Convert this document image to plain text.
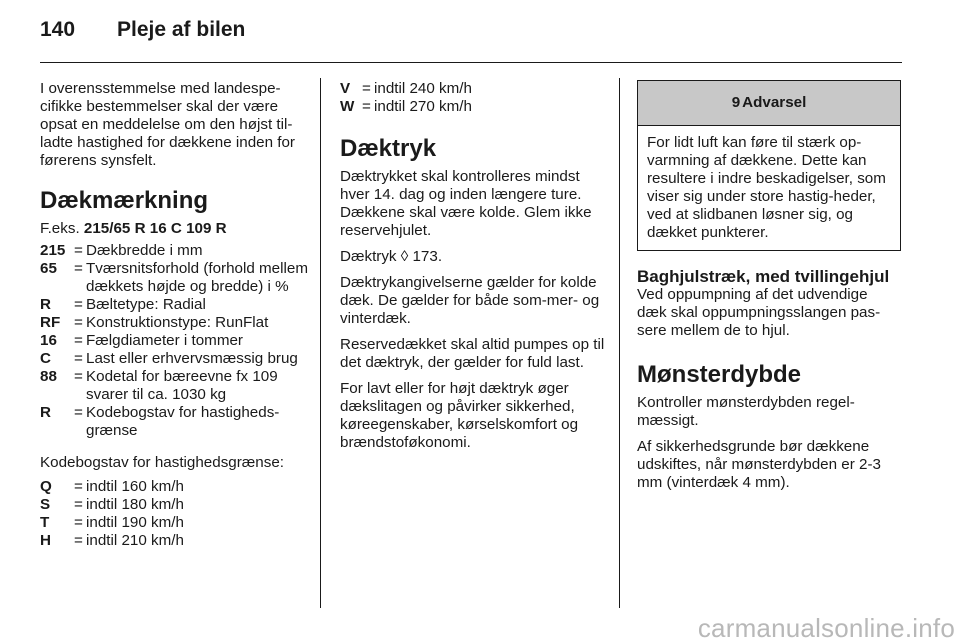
140 Pleje af bilen

I overensstemmelse med landespe-cifikke bestemmelser skal der være opsat en meddelelse om den højst til-ladte hastighed for dækkene inden for førerens synsfelt.

Dækmærkning

F.eks. 215/65 R 16 C 109 R

215 = Dækbredde i mm
65	= Tværsnitsforhold (forhold mellem dækkets højde og bredde) i %
R	= Bæltetype: Radial
RF = Konstruktionstype: RunFlat
16	= Fælgdiameter i tommer
C	= Last eller erhvervsmæssig brug
88	= Kodetal for bæreevne fx 109 svarer til ca. 1030 kg
R	= Kodebogstav for hastigheds-grænse

Kodebogstav for hastighedsgrænse:

Q	= indtil 160 km/h
S	= indtil 180 km/h
T	= indtil 190 km/h
H	= indtil 210 km/h
V = indtil 240 km/h
W = indtil 270 km/h
Dæktryk

Dæktrykket skal kontrolleres mindst hver 14. dag og inden længere ture. Dækkene skal være kolde. Glem ikke reservehjulet.

Dæktryk ◊ 173.

Dæktrykangivelserne gælder for kolde dæk. De gælder for både som-mer- og vinterdæk.

Reservedækket skal altid pumpes op til det dæktryk, der gælder for fuld last.

For lavt eller for højt dæktryk øger dækslitagen og påvirker sikkerhed, køreegenskaber, kørselskomfort og brændstoføkonomi.

9 Advarsel
For lidt luft kan føre til stærk op-varmning af dækkene. Dette kan resultere i indre beskadigelser, som viser sig under store hastig-heder, ved at slidbanen løsner sig, og dækket punkterer.
Baghjulstræk, med tvillingehjul

Ved oppumpning af det udvendige dæk skal oppumpningsslangen pas-sere mellem de to hjul.

Mønsterdybde

Kontroller mønsterdybden regel-mæssigt.

Af sikkerhedsgrunde bør dækkene udskiftes, når mønsterdybden er 2-3 mm (vinterdæk 4 mm).

carmanualsonline.info
